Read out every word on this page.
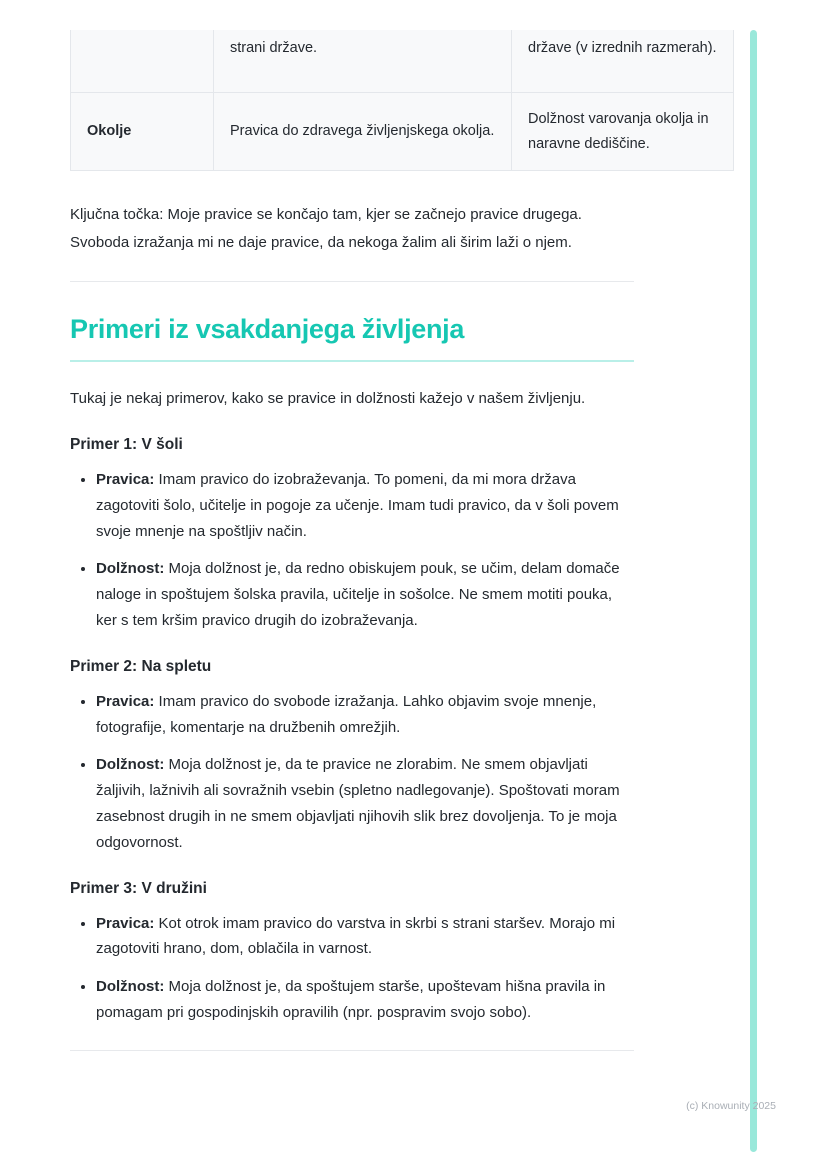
	strani države.	države (v izrednih razmerah).
Okolje	Pravica do zdravega življenjskega okolja.	Dolžnost varovanja okolja in naravne dediščine.

Ključna točka: Moje pravice se končajo tam, kjer se začnejo pravice drugega. Svoboda izražanja mi ne daje pravice, da nekoga žalim ali širim laži o njem.

Primeri iz vsakdanjega življenja

Tukaj je nekaj primerov, kako se pravice in dolžnosti kažejo v našem življenju.

Primer 1: V šoli
• Pravica: Imam pravico do izobraževanja. To pomeni, da mi mora država zagotoviti šolo, učitelje in pogoje za učenje. Imam tudi pravico, da v šoli povem svoje mnenje na spoštljiv način.
• Dolžnost: Moja dolžnost je, da redno obiskujem pouk, se učim, delam domače naloge in spoštujem šolska pravila, učitelje in sošolce. Ne smem motiti pouka, ker s tem kršim pravico drugih do izobraževanja.
Primer 2: Na spletu
• Pravica: Imam pravico do svobode izražanja. Lahko objavim svoje mnenje, fotografije, komentarje na družbenih omrežjih.
• Dolžnost: Moja dolžnost je, da te pravice ne zlorabim. Ne smem objavljati žaljivih, lažnivih ali sovražnih vsebin (spletno nadlegovanje). Spoštovati moram zasebnost drugih in ne smem objavljati njihovih slik brez dovoljenja. To je moja odgovornost.
Primer 3: V družini
• Pravica: Kot otrok imam pravico do varstva in skrbi s strani staršev. Morajo mi zagotoviti hrano, dom, oblačila in varnost.
• Dolžnost: Moja dolžnost je, da spoštujem starše, upoštevam hišna pravila in pomagam pri gospodinjskih opravilih (npr. pospravim svojo sobo).
(c) Knowunity 2025
